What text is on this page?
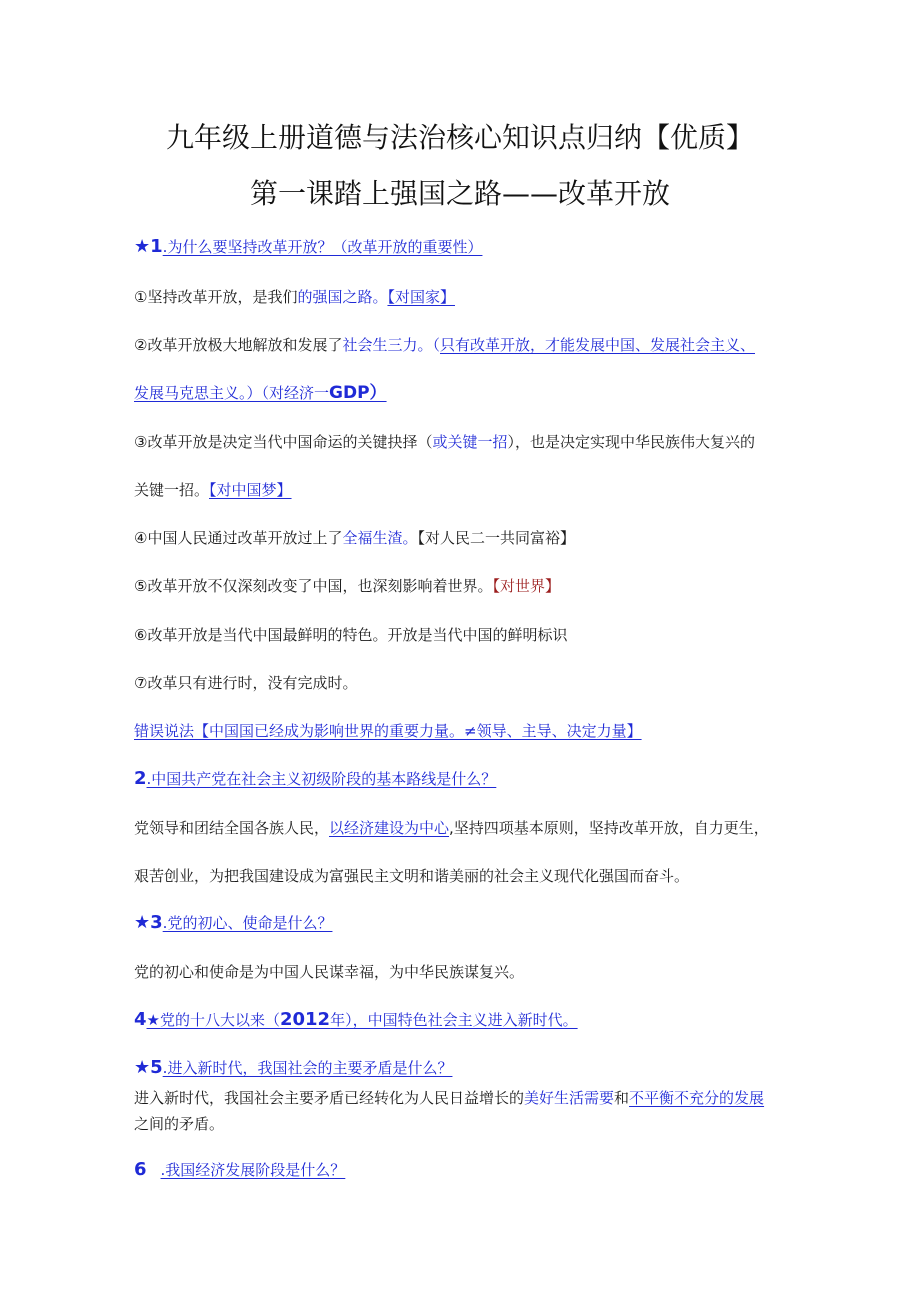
九年级上册道德与法治核心知识点归纳【优质】
第一课踏上强国之路——改革开放
★1.为什么要坚持改革开放？（改革开放的重要性）
①坚持改革开放，是我们的强国之路。【对国家】
②改革开放极大地解放和发展了社会生三力。（只有改革开放，才能发展中国、发展社会主义、
发展马克思主义。）（对经济一GDP）
③改革开放是决定当代中国命运的关键抉择（或关键一招），也是决定实现中华民族伟大复兴的
关键一招。【对中国梦】
④中国人民通过改革开放过上了全福生渣。【对人民二一共同富裕】
⑤改革开放不仅深刻改变了中国，也深刻影响着世界。【对世界】
⑥改革开放是当代中国最鲜明的特色。开放是当代中国的鲜明标识
⑦改革只有进行时，没有完成时。
错误说法【中国国已经成为影响世界的重要力量。≠领导、主导、决定力量】
2.中国共产党在社会主义初级阶段的基本路线是什么？
党领导和团结全国各族人民，以经济建设为中心,坚持四项基本原则，坚持改革开放，自力更生，
艰苦创业，为把我国建设成为富强民主文明和谐美丽的社会主义现代化强国而奋斗。
★3.党的初心、使命是什么？
党的初心和使命是为中国人民谋幸福，为中华民族谋复兴。
4★党的十八大以来（2012年），中国特色社会主义进入新时代。
★5.进入新时代，我国社会的主要矛盾是什么？
进入新时代，我国社会主要矛盾已经转化为人民日益增长的美好生活需要和不平衡不充分的发展
之间的矛盾。
6 .我国经济发展阶段是什么？
